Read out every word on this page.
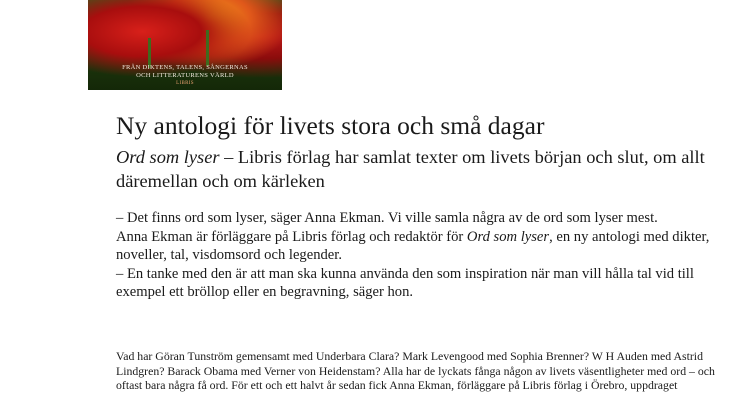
FRÅN DIKTENS, TALENS, SÅNGERNAS
OCH LITTERATURENS VÄRLD
LIBRIS
Ny antologi för livets stora och små dagar
Ord som lyser – Libris förlag har samlat texter om livets början och slut, om allt däremellan och om kärleken

– Det finns ord som lyser, säger Anna Ekman. Vi ville samla några av de ord som lyser mest.

Anna Ekman är förläggare på Libris förlag och redaktör för Ord som lyser, en ny antologi med dikter, noveller, tal, visdomsord och legender.

– En tanke med den är att man ska kunna använda den som inspiration när man vill hålla tal vid till exempel ett bröllop eller en begravning, säger hon.

Vad har Göran Tunström gemensamt med Underbara Clara? Mark Levengood med Sophia Brenner? W H Auden med Astrid Lindgren? Barack Obama med Verner von Heidenstam? Alla har de lyckats fånga någon av livets väsentligheter med ord – och oftast bara några få ord. För ett och ett halvt år sedan fick Anna Ekman, förläggare på Libris förlag i Örebro, uppdraget
